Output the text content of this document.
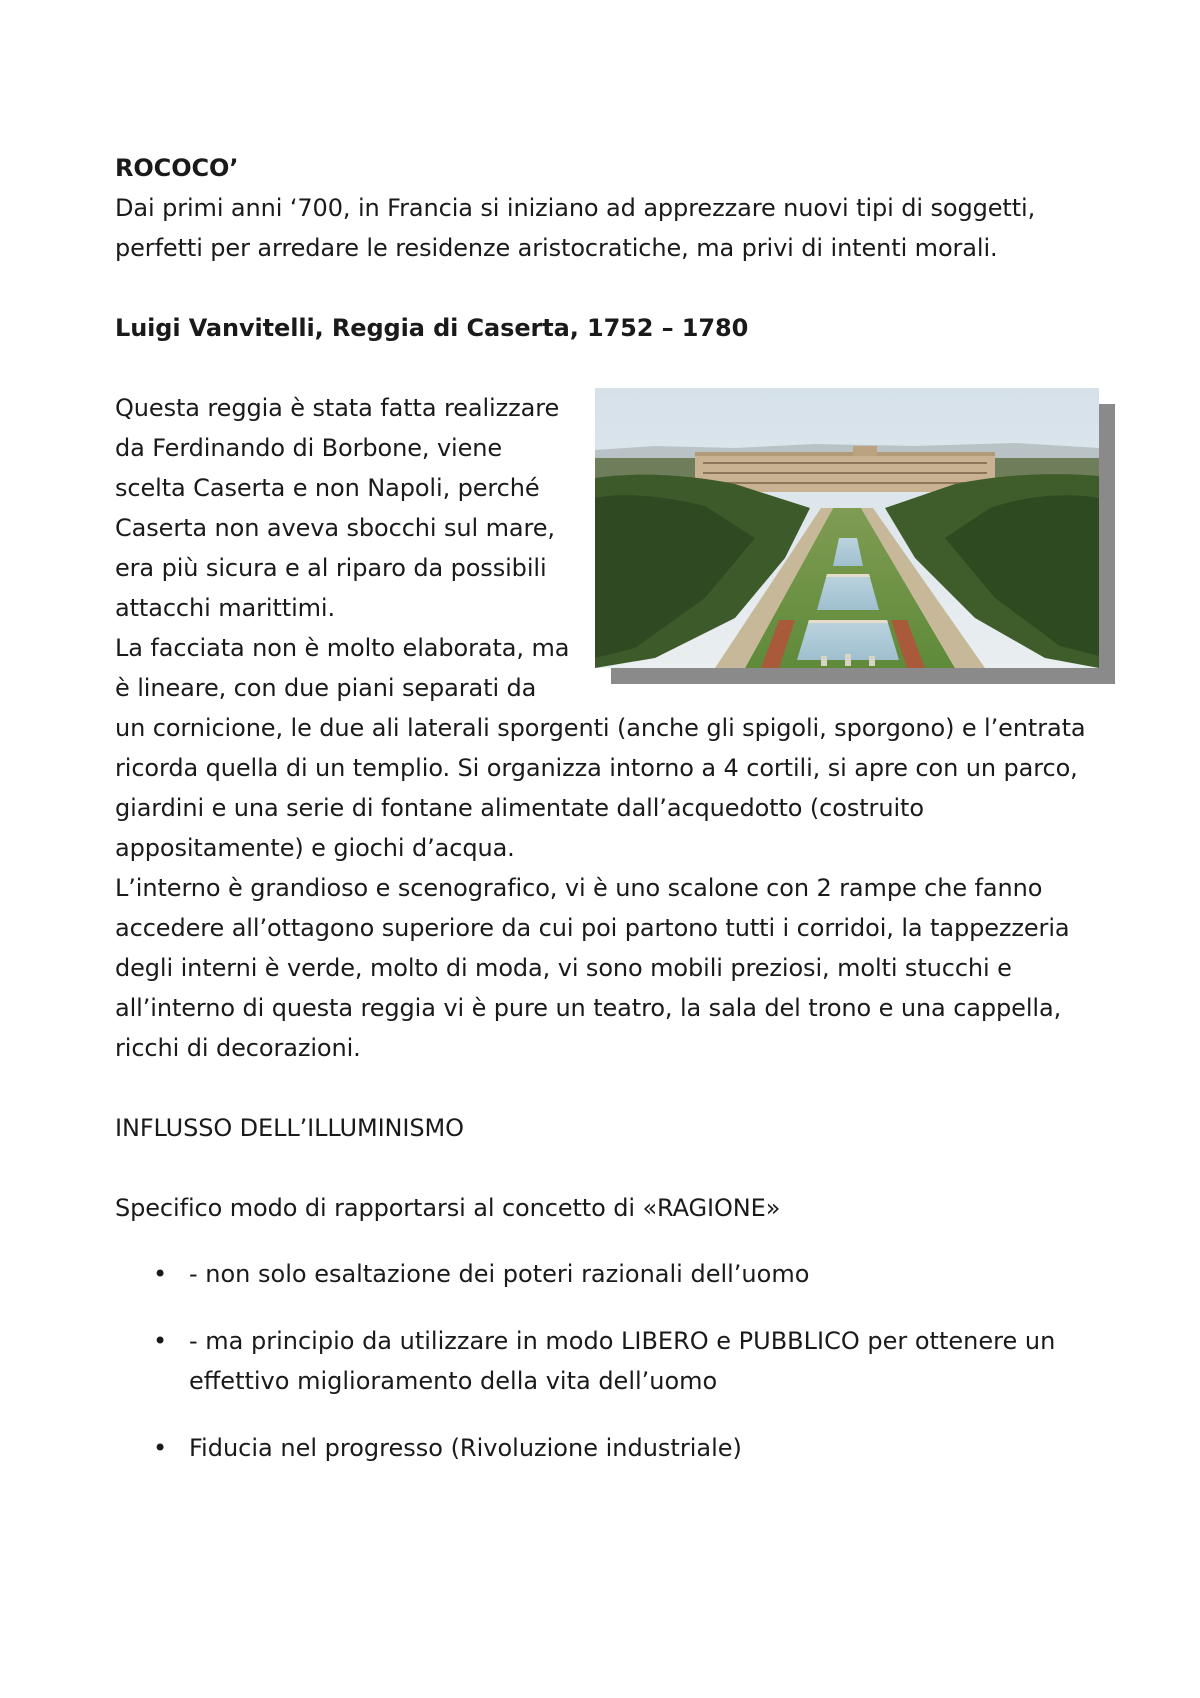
ROCOCO’

Dai primi anni ‘700, in Francia si iniziano ad apprezzare nuovi tipi di soggetti, perfetti per arredare le residenze aristocratiche, ma privi di intenti morali.

Luigi Vanvitelli, Reggia di Caserta, 1752 – 1780

Questa reggia è stata fatta realizzare da Ferdinando di Borbone, viene scelta Caserta e non Napoli, perché Caserta non aveva sbocchi sul mare, era più sicura e al riparo da possibili attacchi marittimi.

La facciata non è molto elaborata, ma è lineare, con due piani separati da un cornicione, le due ali laterali sporgenti (anche gli spigoli, sporgono) e l’entrata ricorda quella di un templio. Si organizza intorno a 4 cortili, si apre con un parco, giardini e una serie di fontane alimentate dall’acquedotto (costruito appositamente) e giochi d’acqua.

L’interno è grandioso e scenografico, vi è uno scalone con 2 rampe che fanno accedere all’ottagono superiore da cui poi partono tutti i corridoi, la tappezzeria degli interni è verde, molto di moda, vi sono mobili preziosi, molti stucchi e all’interno di questa reggia vi è pure un teatro, la sala del trono e una cappella, ricchi di decorazioni.

INFLUSSO DELL’ILLUMINISMO

Specifico modo di rapportarsi al concetto di «RAGIONE»

• - non solo esaltazione dei poteri razionali dell’uomo
• - ma principio da utilizzare in modo LIBERO e PUBBLICO per ottenere un effettivo miglioramento della vita dell’uomo
• Fiducia nel progresso (Rivoluzione industriale)
